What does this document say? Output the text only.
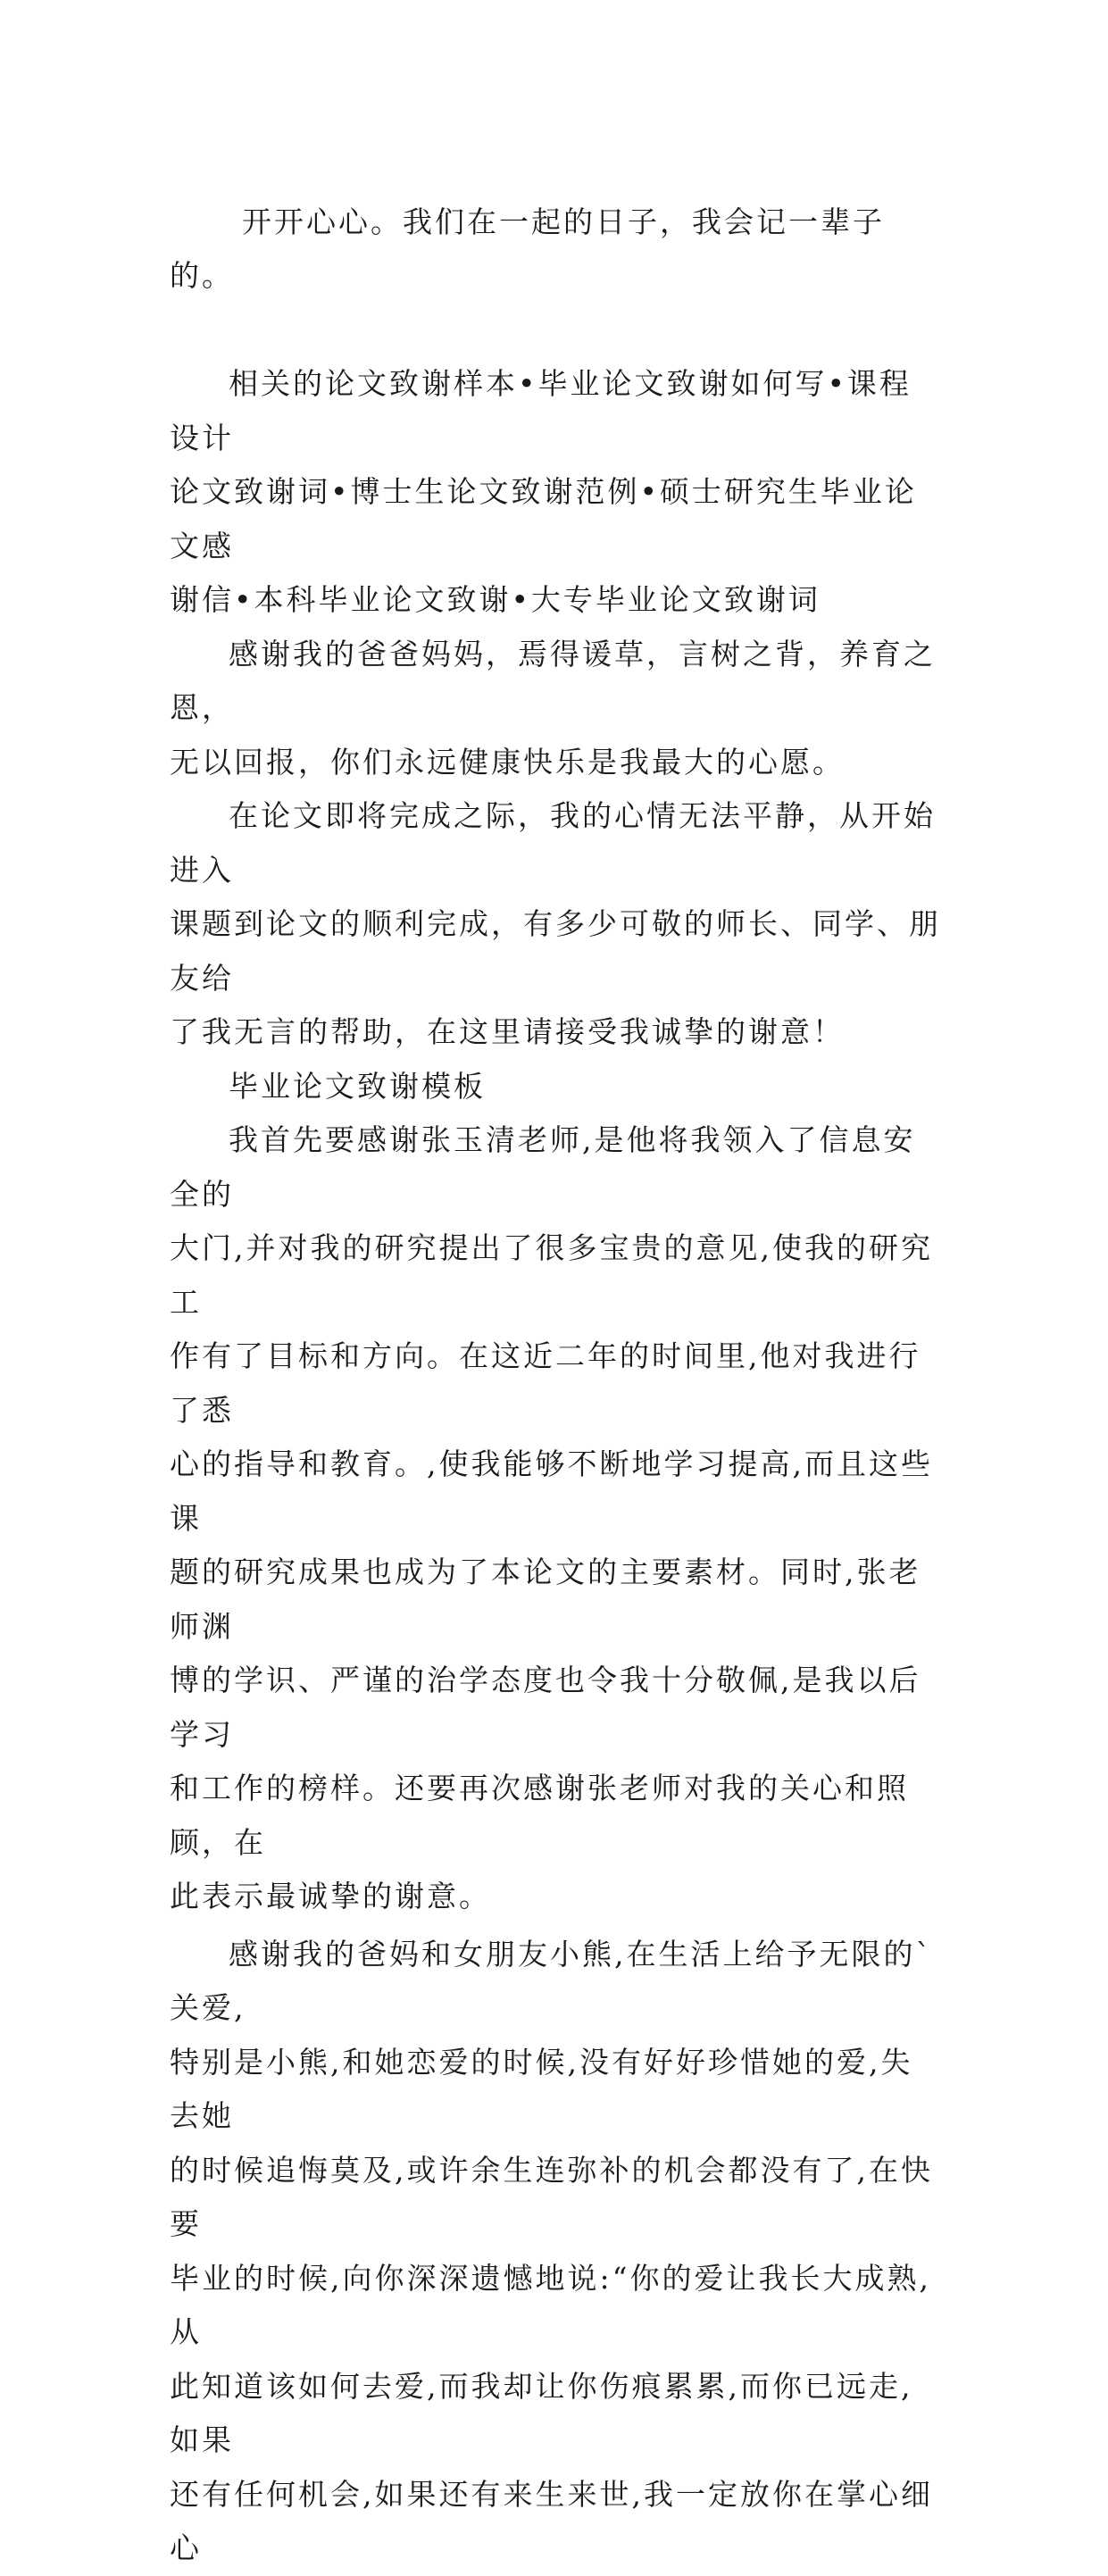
开开心心。我们在一起的日子，我会记一辈子的。

相关的论文致谢样本•毕业论文致谢如何写•课程设计
论文致谢词•博士生论文致谢范例•硕士研究生毕业论文感
谢信•本科毕业论文致谢•大专毕业论文致谢词

感谢我的爸爸妈妈，焉得谖草，言树之背，养育之恩，
无以回报，你们永远健康快乐是我最大的心愿。

在论文即将完成之际，我的心情无法平静，从开始进入
课题到论文的顺利完成，有多少可敬的师长、同学、朋友给
了我无言的帮助，在这里请接受我诚挚的谢意！

毕业论文致谢模板

我首先要感谢张玉清老师,是他将我领入了信息安全的
大门,并对我的研究提出了很多宝贵的意见,使我的研究工
作有了目标和方向。在这近二年的时间里,他对我进行了悉
心的指导和教育。,使我能够不断地学习提高,而且这些课
题的研究成果也成为了本论文的主要素材。同时,张老师渊
博的学识、严谨的治学态度也令我十分敬佩,是我以后学习
和工作的榜样。还要再次感谢张老师对我的关心和照顾，在
此表示最诚挚的谢意。

感谢我的爸妈和女朋友小熊,在生活上给予无限的`关爱,
特别是小熊,和她恋爱的时候,没有好好珍惜她的爱,失去她
的时候追悔莫及,或许余生连弥补的机会都没有了,在快要
毕业的时候,向你深深遗憾地说:“你的爱让我长大成熟,从
此知道该如何去爱,而我却让你伤痕累累,而你已远走,如果
还有任何机会,如果还有来生来世,我一定放你在掌心细心
